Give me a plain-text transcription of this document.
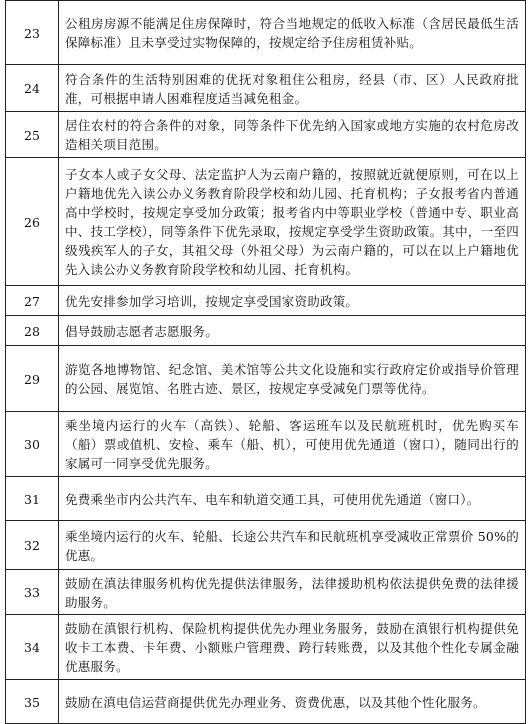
23	公租房房源不能满足住房保障时，符合当地规定的低收入标准（含居民最低生活保障标准）且未享受过实物保障的，按规定给予住房租赁补贴。
24	符合条件的生活特别困难的优抚对象租住公租房，经县（市、区）人民政府批准，可根据申请人困难程度适当减免租金。
25	居住农村的符合条件的对象，同等条件下优先纳入国家或地方实施的农村危房改造相关项目范围。
26	子女本人或子女父母、法定监护人为云南户籍的，按照就近就便原则，可在以上户籍地优先入读公办义务教育阶段学校和幼儿园、托育机构；子女报考省内普通高中学校时，按规定享受加分政策；报考省内中等职业学校（普通中专、职业高中、技工学校），同等条件下优先录取，按规定享受学生资助政策。其中，一至四级残疾军人的子女，其祖父母（外祖父母）为云南户籍的，可以在以上户籍地优先入读公办义务教育阶段学校和幼儿园、托育机构。
27	优先安排参加学习培训，按规定享受国家资助政策。
28	倡导鼓励志愿者志愿服务。
29	游览各地博物馆、纪念馆、美术馆等公共文化设施和实行政府定价或指导价管理的公园、展览馆、名胜古迹、景区，按规定享受减免门票等优待。
30	乘坐境内运行的火车（高铁）、轮船、客运班车以及民航班机时，优先购买车（船）票或值机、安检、乘车（船、机），可使用优先通道（窗口），随同出行的家属可一同享受优先服务。
31	免费乘坐市内公共汽车、电车和轨道交通工具，可使用优先通道（窗口）。
32	乘坐境内运行的火车、轮船、长途公共汽车和民航班机享受减收正常票价 50%的优惠。
33	鼓励在滇法律服务机构优先提供法律服务，法律援助机构依法提供免费的法律援助服务。
34	鼓励在滇银行机构、保险机构提供优先办理业务服务，鼓励在滇银行机构提供免收卡工本费、卡年费、小额账户管理费、跨行转账费，以及其他个性化专属金融优惠服务。
35	鼓励在滇电信运营商提供优先办理业务、资费优惠，以及其他个性化服务。
